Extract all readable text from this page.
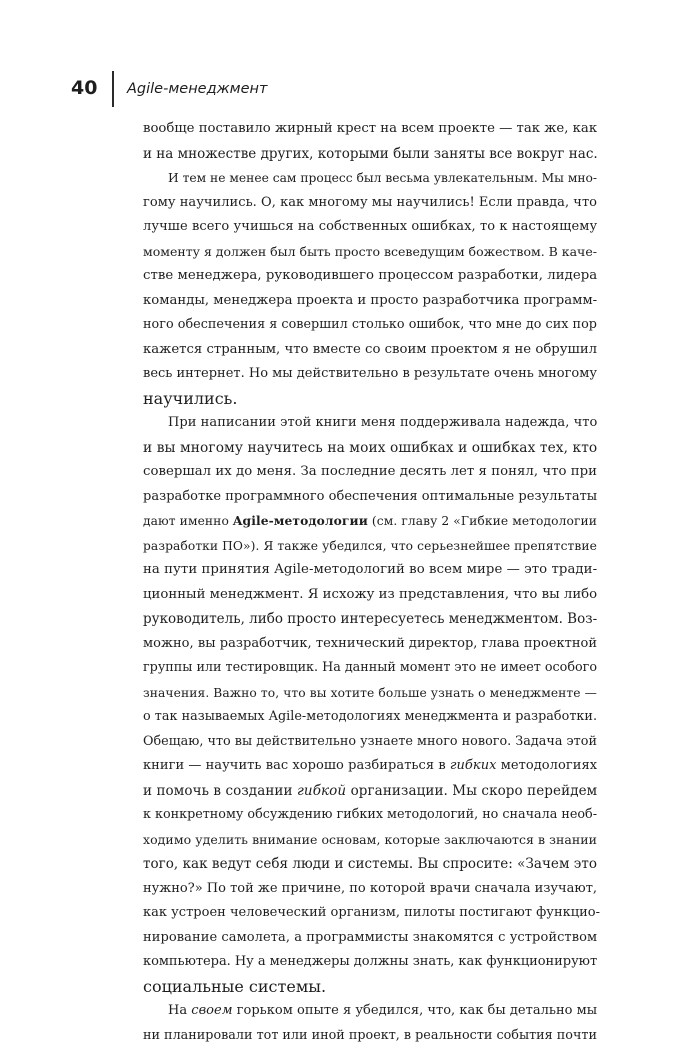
40 Agile-менеджмент
вообще поставило жирный крест на всем проекте — так же, как
и на множестве других, которыми были заняты все вокруг нас.
И тем не менее сам процесс был весьма увлекательным. Мы мно-
гому научились. О, как многому мы научились! Если правда, что
лучше всего учишься на собственных ошибках, то к настоящему
моменту я должен был быть просто всеведущим божеством. В каче-
стве менеджера, руководившего процессом разработки, лидера
команды, менеджера проекта и просто разработчика программ-
ного обеспечения я совершил столько ошибок, что мне до сих пор
кажется странным, что вместе со своим проектом я не обрушил
весь интернет. Но мы действительно в результате очень многому
научились.
При написании этой книги меня поддерживала надежда, что
и вы многому научитесь на моих ошибках и ошибках тех, кто
совершал их до меня. За последние десять лет я понял, что при
разработке программного обеспечения оптимальные результаты
дают именно Agile-методологии (см. главу 2 «Гибкие методологии
разработки ПО»). Я также убедился, что серьезнейшее препятствие
на пути принятия Agile-методологий во всем мире — это тради-
ционный менеджмент. Я исхожу из представления, что вы либо
руководитель, либо просто интересуетесь менеджментом. Воз-
можно, вы разработчик, технический директор, глава проектной
группы или тестировщик. На данный момент это не имеет особого
значения. Важно то, что вы хотите больше узнать о менеджменте —
о так называемых Agile-методологиях менеджмента и разработки.
Обещаю, что вы действительно узнаете много нового. Задача этой
книги — научить вас хорошо разбираться в гибких методологиях
и помочь в создании гибкой организации. Мы скоро перейдем
к конкретному обсуждению гибких методологий, но сначала необ-
ходимо уделить внимание основам, которые заключаются в знании
того, как ведут себя люди и системы. Вы спросите: «Зачем это
нужно?» По той же причине, по которой врачи сначала изучают,
как устроен человеческий организм, пилоты постигают функцио-
нирование самолета, а программисты знакомятся с устройством
компьютера. Ну а менеджеры должны знать, как функционируют
социальные системы.
На своем горьком опыте я убедился, что, как бы детально мы
ни планировали тот или иной проект, в реальности события почти
